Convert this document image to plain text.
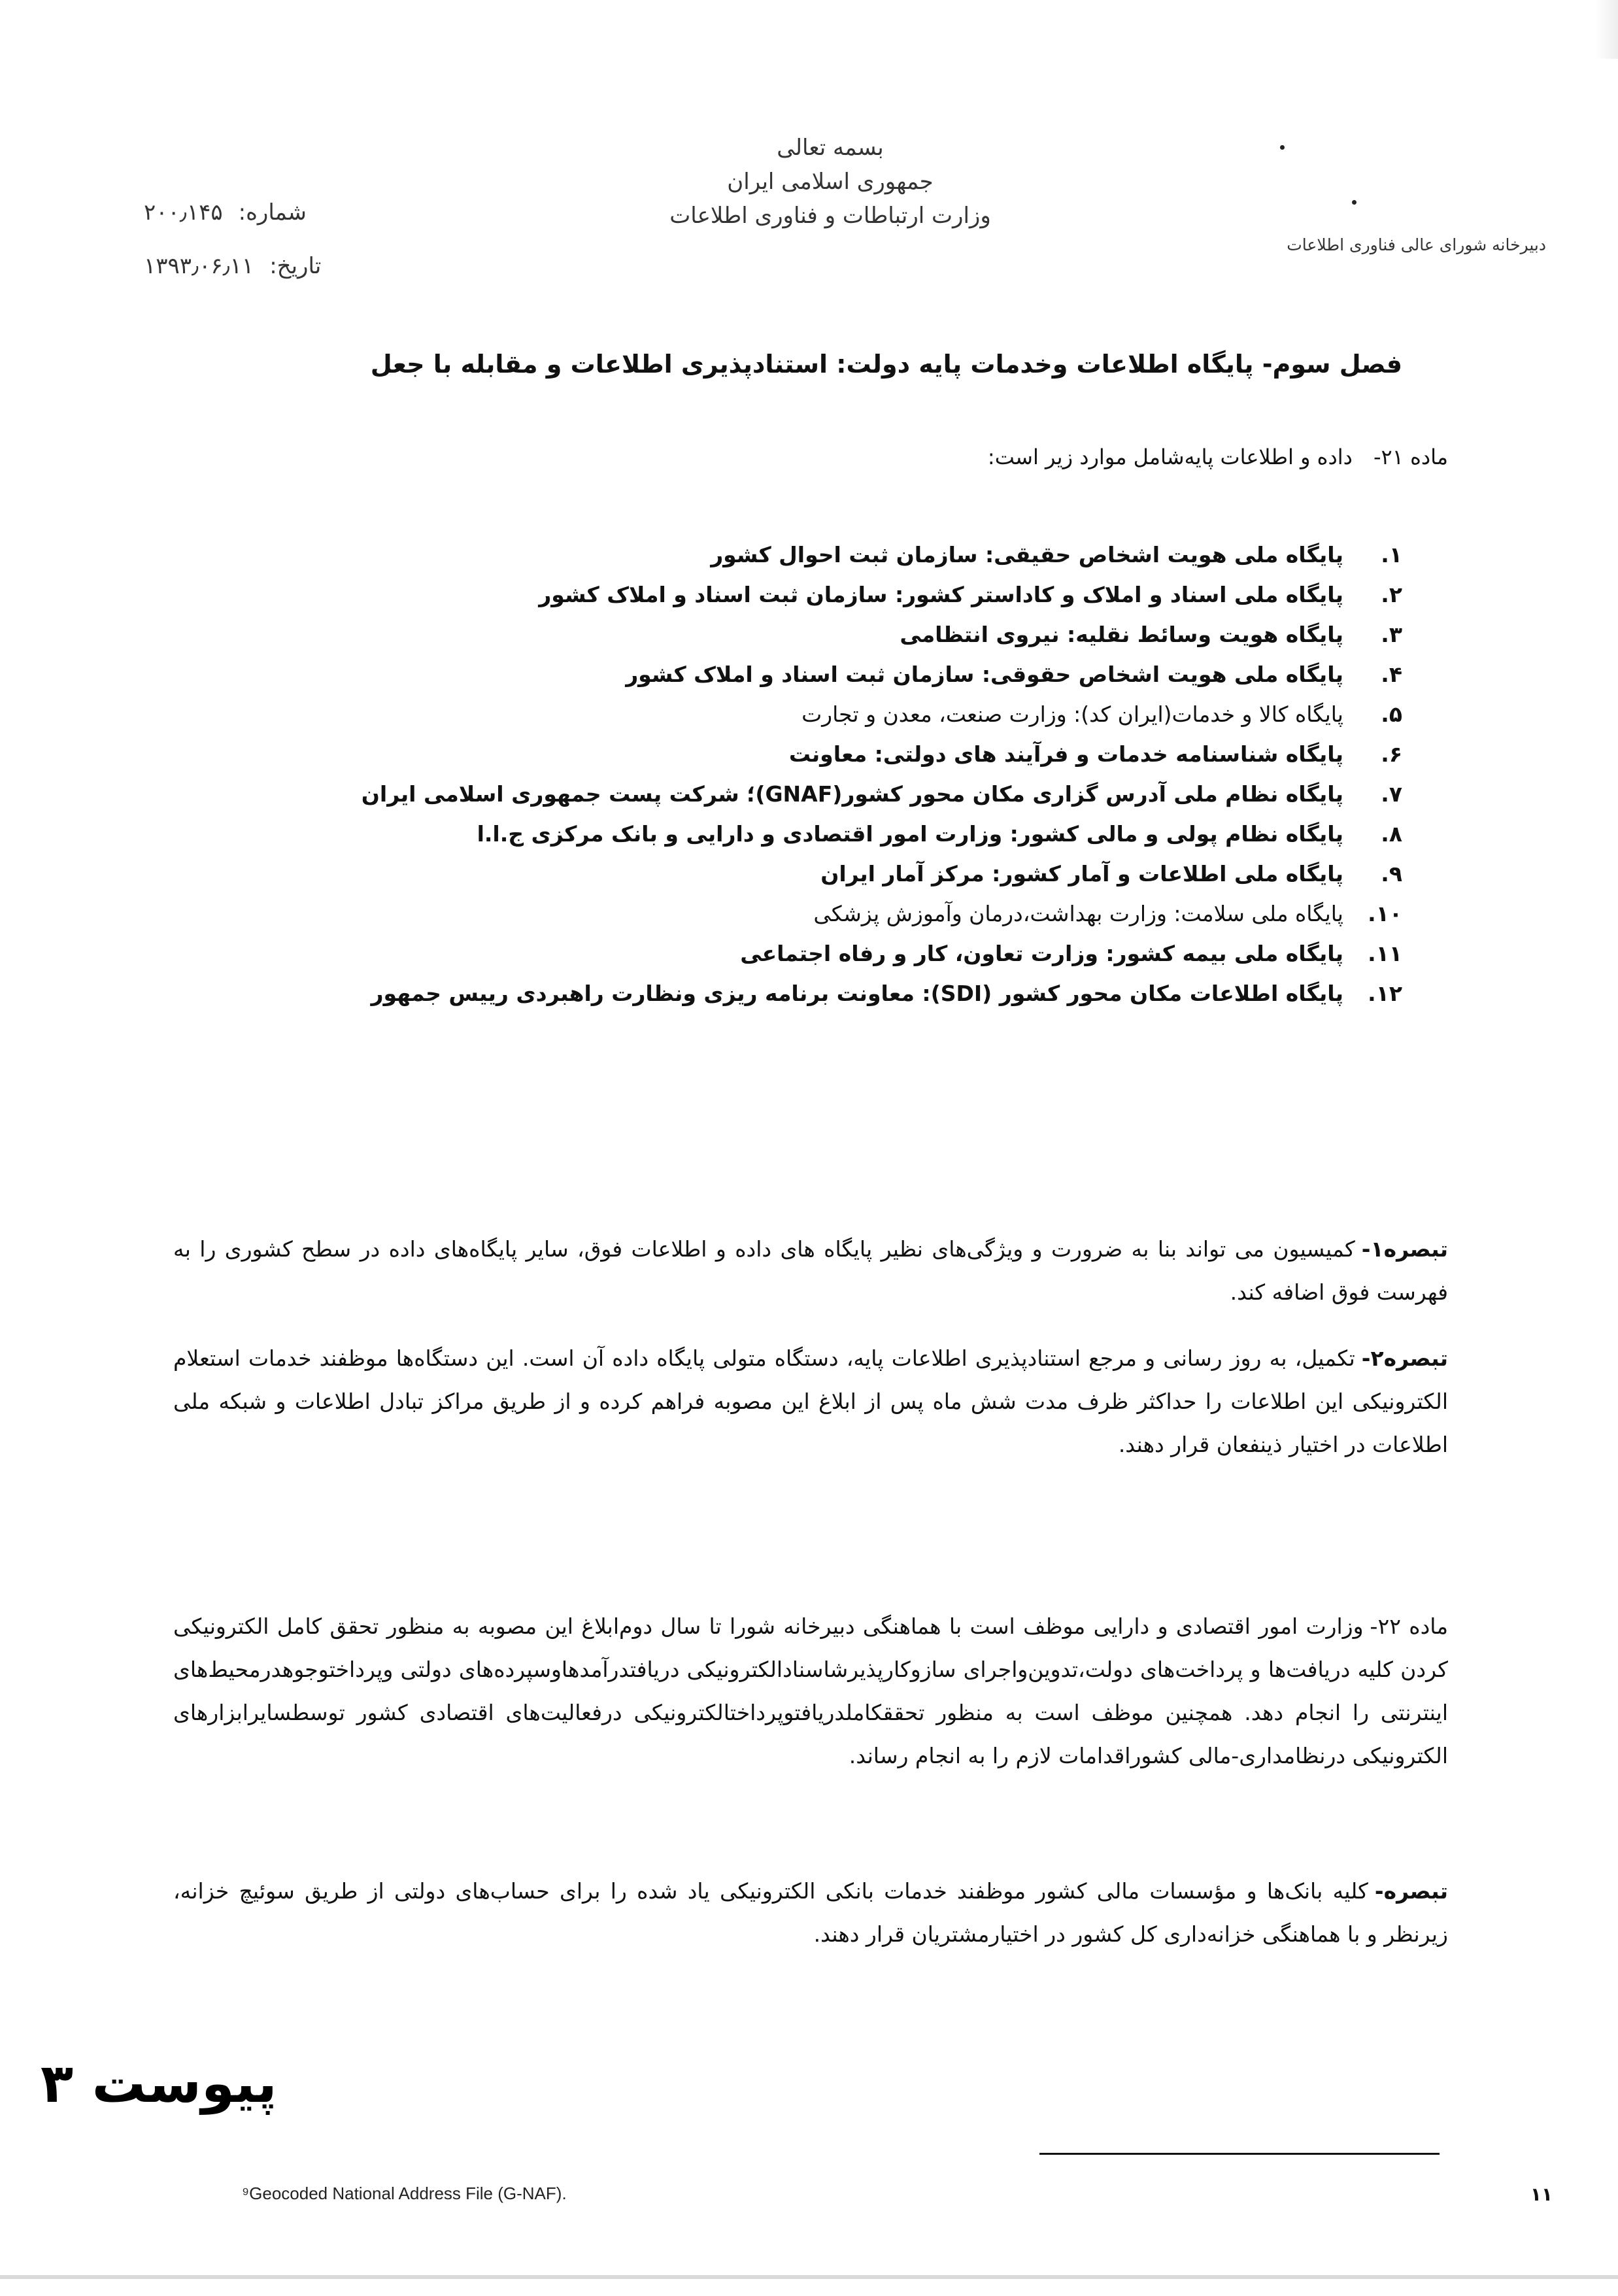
بسمه تعالی
جمهوری اسلامی ایران
وزارت ارتباطات و فناوری اطلاعات
دبیرخانه شورای عالی فناوری اطلاعات
شماره:
۲۰۰٫۱۴۵
تاریخ:
۱۳۹۳٫۰۶٫۱۱
فصل سوم- پایگاه اطلاعات وخدمات پایه دولت: استنادپذیری اطلاعات و مقابله با جعل
ماده ۲۱- داده و اطلاعات پایه‌شامل موارد زیر است:
۱.
پایگاه ملی هویت اشخاص حقیقی: سازمان ثبت احوال کشور
۲.
پایگاه ملی اسناد و املاک و کاداستر کشور: سازمان ثبت اسناد و املاک کشور
۳.
پایگاه هویت وسائط نقلیه: نیروی انتظامی
۴.
پایگاه ملی هویت اشخاص حقوقی: سازمان ثبت اسناد و املاک کشور
۵.
پایگاه کالا و خدمات(ایران کد): وزارت صنعت، معدن و تجارت
۶.
پایگاه شناسنامه خدمات و فرآیند های دولتی: معاونت
۷.
پایگاه نظام ملی آدرس گزاری مکان محور کشور(GNAF)؛ شرکت پست جمهوری اسلامی ایران
۸.
پایگاه نظام پولی و مالی کشور: وزارت امور اقتصادی و دارایی و بانک مرکزی ج.ا.ا
۹.
پایگاه ملی اطلاعات و آمار کشور: مرکز آمار ایران
۱۰.
پایگاه ملی سلامت: وزارت بهداشت،درمان وآموزش پزشکی
۱۱.
پایگاه ملی بیمه کشور: وزارت تعاون، کار و رفاه اجتماعی
۱۲.
پایگاه اطلاعات مکان محور کشور (SDI): معاونت برنامه ریزی ونظارت راهبردی رییس جمهور
تبصره۱-کمیسیون می تواند بنا به ضرورت و ویژگی‌های نظیر پایگاه های داده و اطلاعات فوق، سایر پایگاه‌های داده در سطح کشوری را به فهرست فوق اضافه کند.
تبصره۲-تکمیل، به روز رسانی و مرجع استنادپذیری اطلاعات پایه، دستگاه متولی پایگاه داده آن است. این دستگاه‌ها موظفند خدمات استعلام الکترونیکی این اطلاعات را حداکثر ظرف مدت شش ماه پس از ابلاغ این مصوبه فراهم کرده و از طریق مراکز تبادل اطلاعات و شبکه ملی اطلاعات در اختیار ذینفعان قرار دهند.
ماده ۲۲-وزارت امور اقتصادی و دارایی موظف است با هماهنگی دبیرخانه شورا تا سال دوم‌ابلاغ این مصوبه به منظور تحقق کامل الکترونیکی کردن کلیه دریافت‌ها و پرداخت‌های دولت،تدوین‌واجرای سازوکارپذیرشاسنادالکترونیکی دریافتدرآمدهاوسپرده‌های دولتی وپرداختوجوهدرمحیط‌های اینترنتی را انجام دهد. همچنین موظف است به منظور تحققکاملدریافتوپرداختالکترونیکی درفعالیت‌های اقتصادی کشور توسطسایرابزارهای الکترونیکی درنظامداری-مالی کشوراقدامات لازم را به انجام رساند.
تبصره-کلیه بانک‌ها و مؤسسات مالی کشور موظفند خدمات بانکی الکترونیکی یاد شده را برای حساب‌های دولتی از طریق سوئیچ خزانه، زیرنظر و با هماهنگی خزانه‌داری کل کشور در اختیارمشتریان قرار دهند.
پیوست ۳
⁹Geocoded National Address File (G-NAF).	۱۱
